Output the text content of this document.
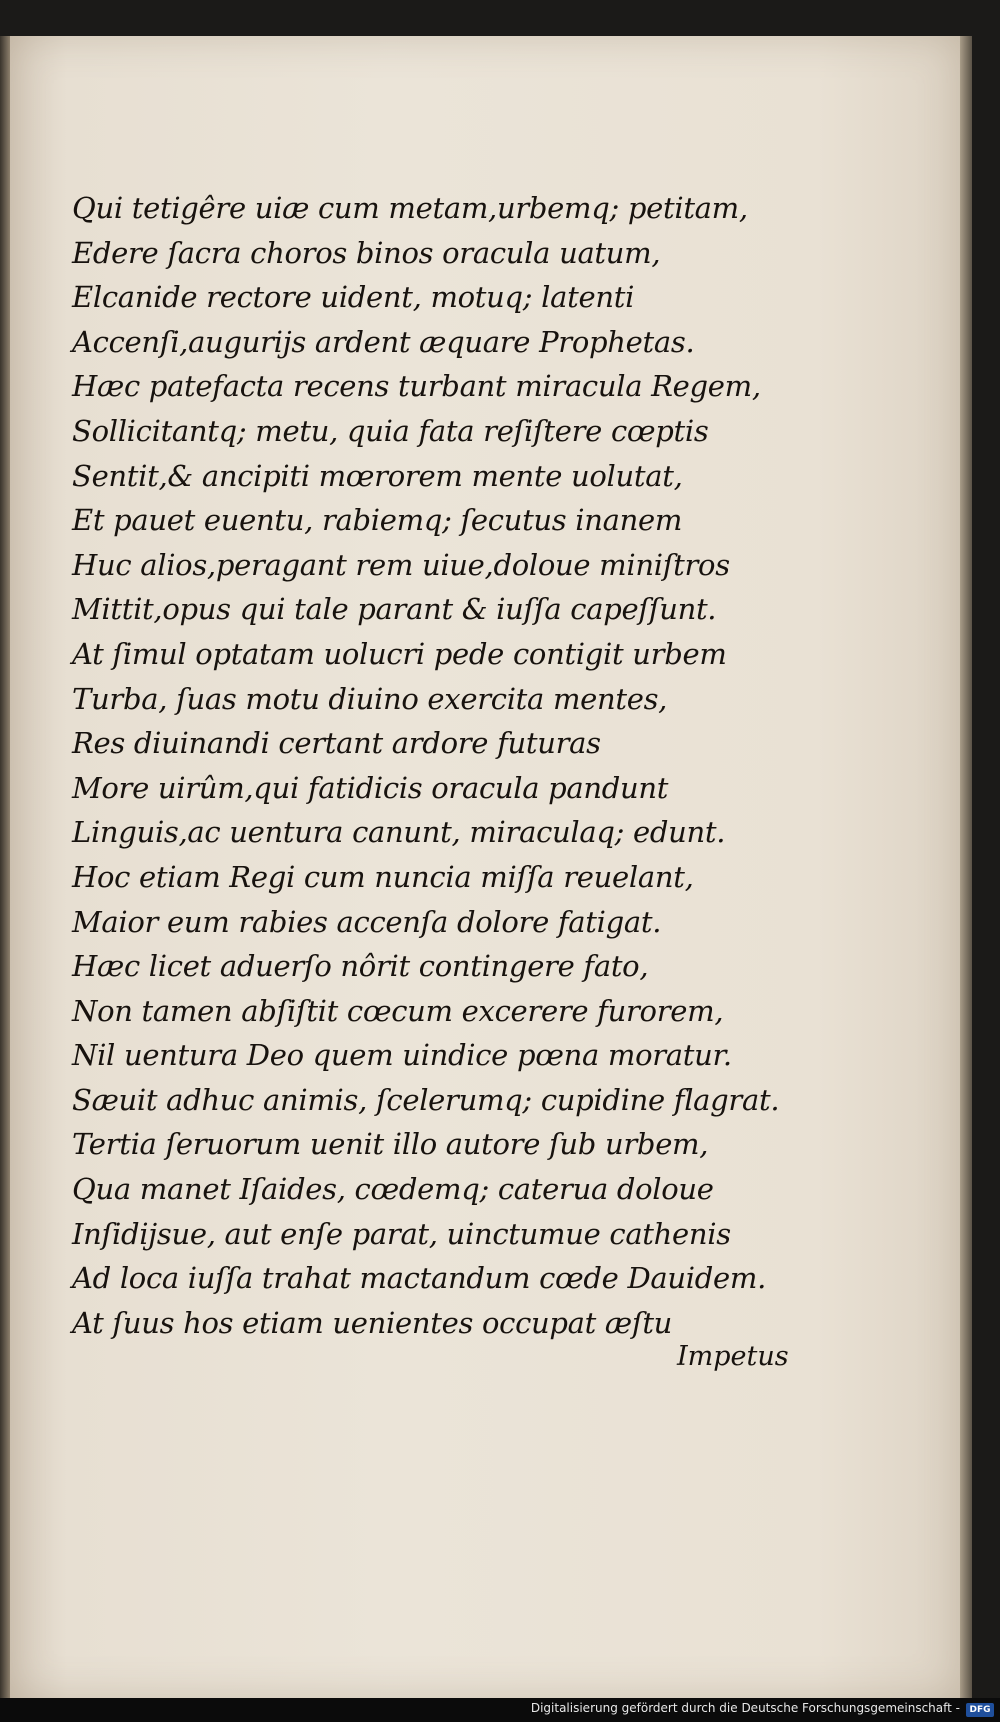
Qui tetigêre uiæ cum metam,urbemq; petitam,
Edere ſacra choros binos oracula uatum,
Elcanide rectore uident, motuq; latenti
Accenſi,augurijs ardent æquare Prophetas.
Hæc patefacta recens turbant miracula Regem,
Sollicitantq; metu, quia fata reſiſtere cœptis
Sentit,& ancipiti mœrorem mente uolutat,
Et pauet euentu, rabiemq; ſecutus inanem
Huc alios,peragant rem uiue,doloue miniſtros
Mittit,opus qui tale parant & iuſſa capeſſunt.
At ſimul optatam uolucri pede contigit urbem
Turba, ſuas motu diuino exercita mentes,
Res diuinandi certant ardore futuras
More uirûm,qui fatidicis oracula pandunt
Linguis,ac uentura canunt, miraculaq; edunt.
Hoc etiam Regi cum nuncia miſſa reuelant,
Maior eum rabies accenſa dolore fatigat.
Hæc licet aduerſo nôrit contingere fato,
Non tamen abſiſtit cœcum excerere furorem,
Nil uentura Deo quem uindice pœna moratur.
Sæuit adhuc animis, ſcelerumq; cupidine flagrat.
Tertia ſeruorum uenit illo autore ſub urbem,
Qua manet Iſaides, cœdemq; caterua doloue
Inſidijsue, aut enſe parat, uinctumue cathenis
Ad loca iuſſa trahat mactandum cœde Dauidem.
At ſuus hos etiam uenientes occupat æſtu
Impetus
Digitalisierung gefördert durch die Deutsche Forschungsgemeinschaft -	DFG
